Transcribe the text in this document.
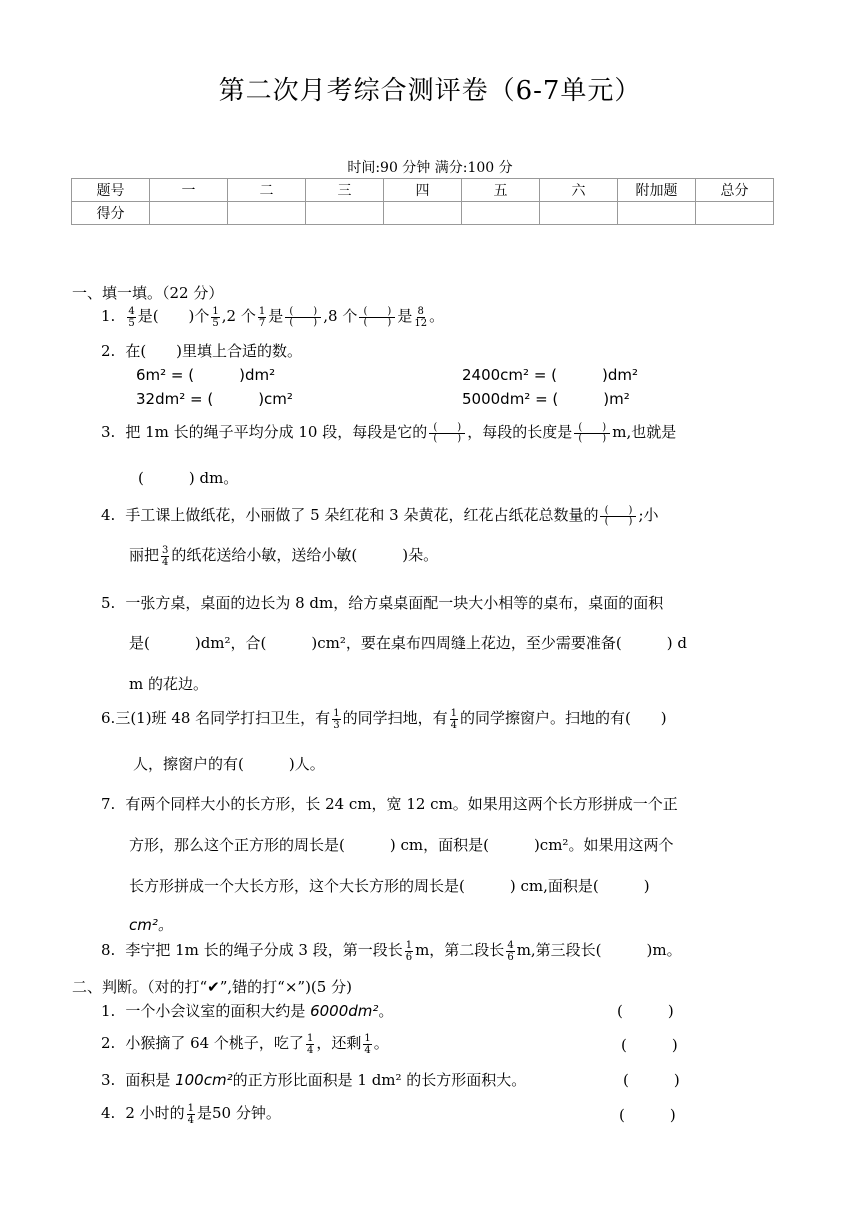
第二次月考综合测评卷（6-7单元）
时间:90 分钟 满分:100 分
题号	一	二	三	四	五	六	附加题	总分
得分								
一、填一填。（22 分）
1. $\frac{4}{5}$ 是(　　)个 $\frac{1}{5} ,2$ 个 $\frac{1}{7}$ 是 (　　)
(　　) ,8 个 (　　)
(　　) 是 $\frac{8}{12}$ 。
2. 在(　　)里填上合适的数。
6m² = (　　　)dm²	2400cm² = (　　　)dm²
32dm² = (　　　)cm²	5000dm² = (　　　)m²
3. 把 1m 长的绳子平均分成 10 段，每段是它的 (　　)
(　　) ，每段的长度是 (　　)
(　　) m,也就是
(　　　) dm。
4. 手工课上做纸花，小丽做了 5 朵红花和 3 朵黄花，红花占纸花总数量的 (　　)
(　　) ;小
丽把 $\frac{3}{4}$ 的纸花送给小敏，送给小敏(　　　)朵。
5. 一张方桌，桌面的边长为 8 dm，给方桌桌面配一块大小相等的桌布，桌面的面积
是(　　　)dm²，合(　　　)cm²，要在桌布四周缝上花边，至少需要准备(　　　) d
m 的花边。
6.三(1)班 48 名同学打扫卫生，有 $\frac{1}{3}$ 的同学扫地，有 $\frac{1}{4}$ 的同学擦窗户。扫地的有(　　)
人，擦窗户的有(　　　)人。
7. 有两个同样大小的长方形，长 24 cm，宽 12 cm。如果用这两个长方形拼成一个正
方形，那么这个正方形的周长是(　　　) cm，面积是(　　　)cm²。如果用这两个
长方形拼成一个大长方形，这个大长方形的周长是(　　　) cm,面积是(　　　)
cm²。
8. 李宁把 1m 长的绳子分成 3 段，第一段长 $\frac{1}{6}$ m，第二段长 $\frac{4}{6} m$,第三段长(　　　)m。
二、判断。（对的打“✔”,错的打“×”)(5 分)
1. 一个小会议室的面积大约是 6000dm²。	(　　　)
2. 小猴摘了 64 个桃子，吃了 $\frac{1}{4}$ ，还剩 $\frac{1}{4}$ 。	(　　　)
3. 面积是 100cm²的正方形比面积是 1 dm² 的长方形面积大。	(　　　)
4. 2 小时的 $\frac{1}{4}$ 是50 分钟。	(　　　)
